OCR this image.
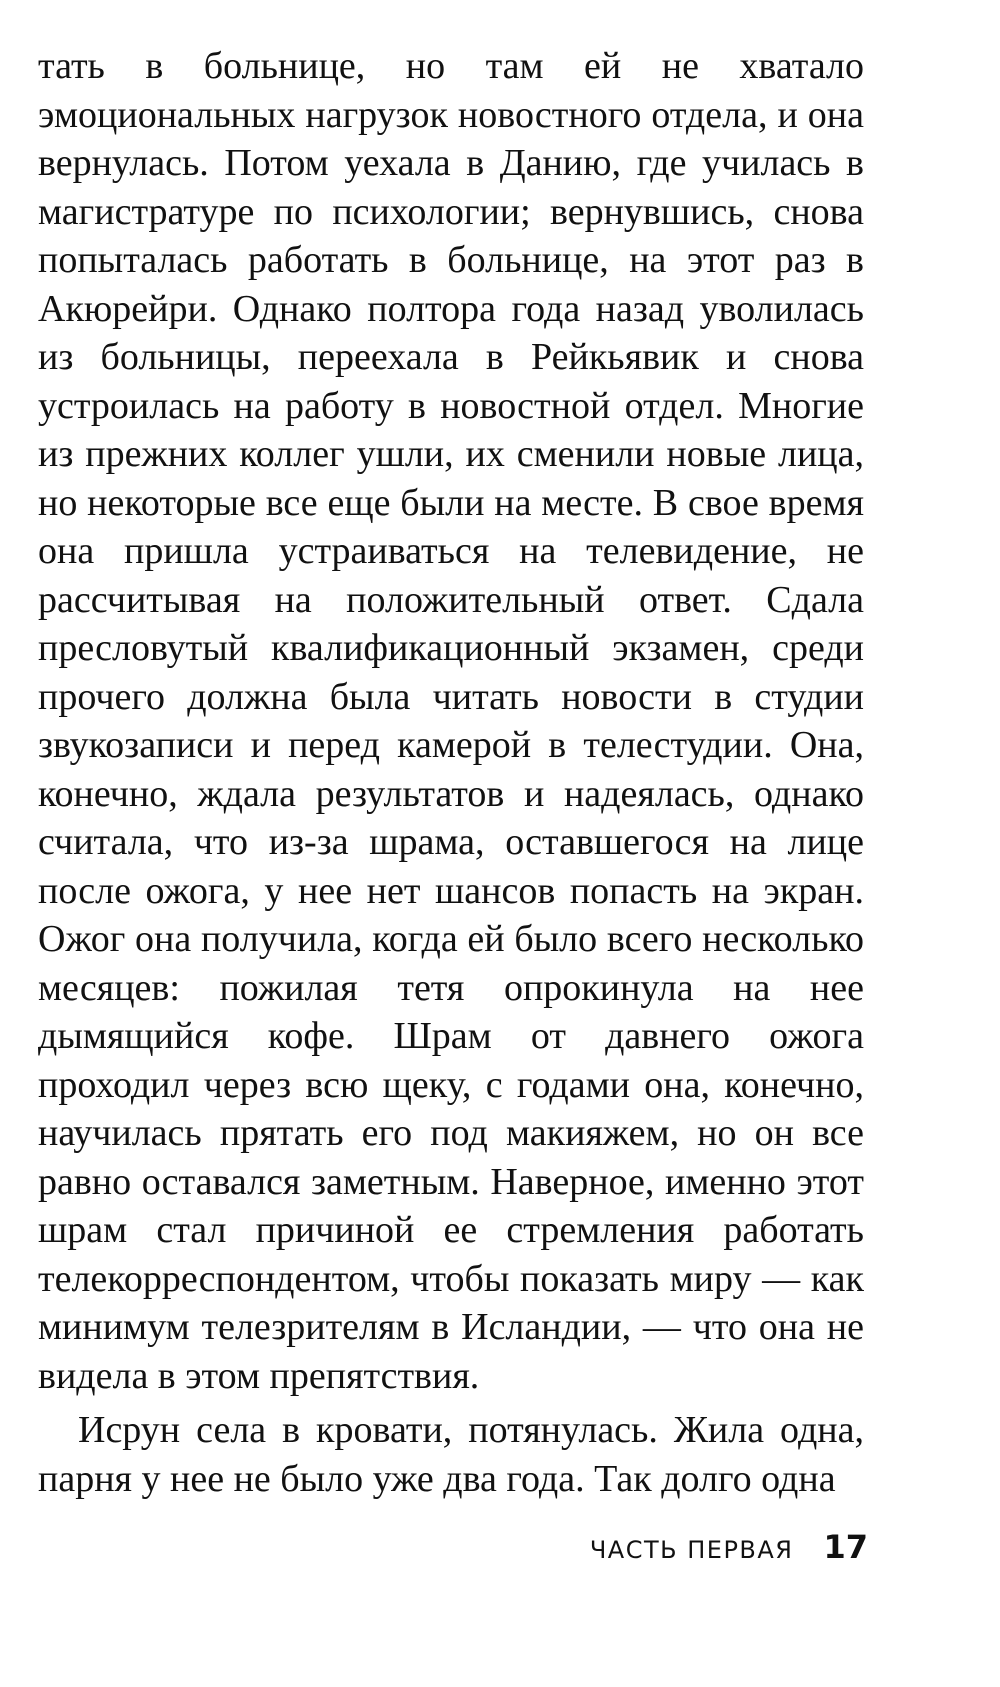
тать в больнице, но там ей не хватало эмоциональных нагрузок новостного отдела, и она вернулась. Потом уехала в Данию, где училась в магистратуре по психологии; вернувшись, снова попыталась работать в больнице, на этот раз в Акюрейри. Однако полтора года назад уволилась из больницы, переехала в Рейкьявик и снова устроилась на работу в новостной отдел. Многие из прежних коллег ушли, их сменили новые лица, но некоторые все еще были на месте. В свое время она пришла устраиваться на телевидение, не рассчитывая на положительный ответ. Сдала пресловутый квалификационный экзамен, среди прочего должна была читать новости в студии звукозаписи и перед камерой в телестудии. Она, конечно, ждала результатов и надеялась, однако считала, что из-за шрама, оставшегося на лице после ожога, у нее нет шансов попасть на экран. Ожог она получила, когда ей было всего несколько месяцев: пожилая тетя опрокинула на нее дымящийся кофе. Шрам от давнего ожога проходил через всю щеку, с годами она, конечно, научилась прятать его под макияжем, но он все равно оставался заметным. Наверное, именно этот шрам стал причиной ее стремления работать телекорреспондентом, чтобы показать миру — как минимум телезрителям в Исландии, — что она не видела в этом препятствия.

Исрун села в кровати, потянулась. Жила одна, парня у нее не было уже два года. Так долго одна

ЧАСТЬ ПЕРВАЯ 17
